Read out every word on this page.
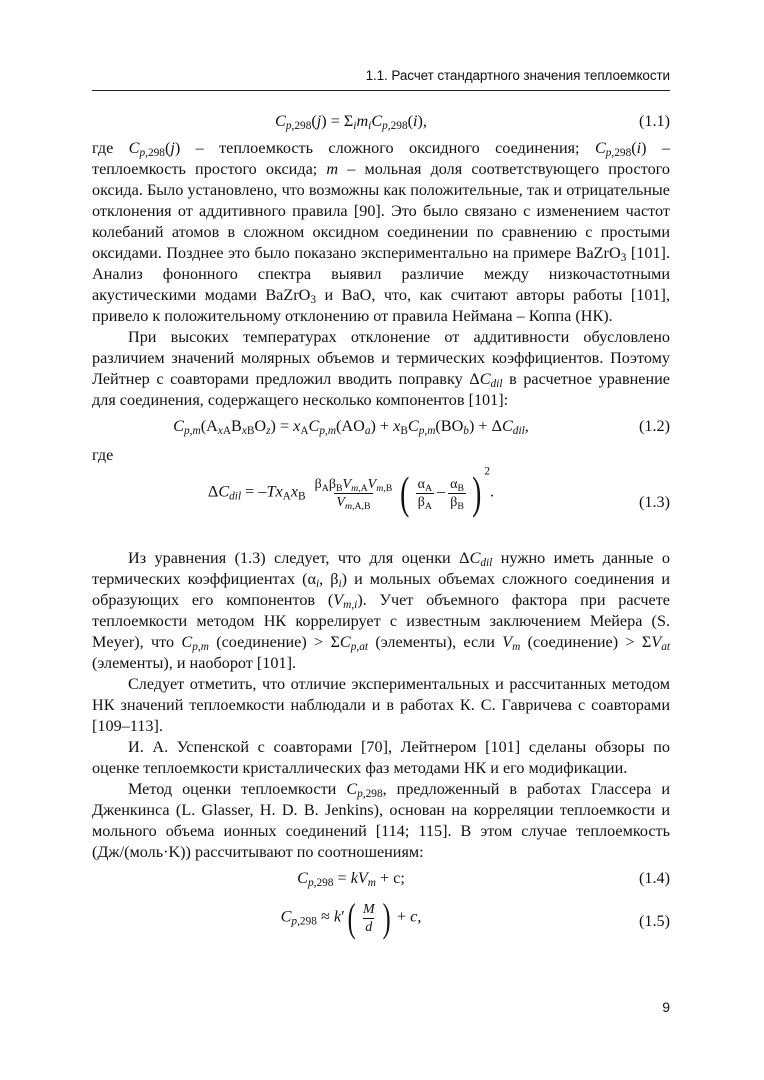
1.1. Расчет стандартного значения теплоемкости
$C_{p,298}(j) = \Sigma_im_iC_{p,298}(i)$,	(1.1)

где $C_{p,298}(j)$ – теплоемкость сложного оксидного соединения; $C_{p,298}(i)$ – теплоемкость простого оксида; m – мольная доля соответствующего простого оксида. Было установлено, что возможны как положительные, так и отрицательные отклонения от аддитивного правила [90]. Это было связано с изменением частот колебаний атомов в сложном оксидном соединении по сравнению с простыми оксидами. Позднее это было показано экспериментально на примере BaZrO$_3$ [101]. Анализ фононного спектра выявил различие между низкочастотными акустическими модами BaZrO$_3$ и BaO, что, как считают авторы работы [101], привело к положительному отклонению от правила Неймана – Коппа (НК).

При высоких температурах отклонение от аддитивности обусловлено различием значений молярных объемов и термических коэффициентов. Поэтому Лейтнер с соавторами предложил вводить поправку $\Delta C_{dil}$ в расчетное уравнение для соединения, содержащего несколько компонентов [101]:

$C_{p,m}(A_{xA}B_{xB}O_z) = x_AC_{p,m}(AO_a) + x_BC_{p,m}(BO_b) + \Delta C_{dil}$,	(1.2)

где

$\Delta C_{dil} = -Tx_Ax_B \frac{\beta_A\beta_BV_{m,A}V_{m,B}}{V_{m,A,B}}$ ( $\frac{\alpha_A}{\beta_A} - \frac{\alpha_B}{\beta_B}$ ) $^2$.
(1.3)

Из уравнения (1.3) следует, что для оценки $\Delta C_{dil}$ нужно иметь данные о термических коэффициентах ($\alpha_i$, $\beta_i$) и мольных объемах сложного соединения и образующих его компонентов $(V_{m,i})$. Учет объемного фактора при расчете теплоемкости методом НК коррелирует с известным заключением Мейера (S. Meyer), что $C_{p,m}$ (соединение) > $\Sigma C_{p,at}$ (элементы), если $V_m$ (соединение) > $\Sigma V_{at}$ (элементы), и наоборот [101].

Следует отметить, что отличие экспериментальных и рассчитанных методом НК значений теплоемкости наблюдали и в работах К. С. Гавричева с соавторами [109–113].

И. А. Успенской с соавторами [70], Лейтнером [101] сделаны обзоры по оценке теплоемкости кристаллических фаз методами НК и его модификации.

Метод оценки теплоемкости $C_{p,298}$, предложенный в работах Глассера и Дженкинса (L. Glasser, H. D. B. Jenkins), основан на корреляции теплоемкости и мольного объема ионных соединений [114; 115]. В этом случае теплоемкость (Дж/(моль·K)) рассчитывают по соотношениям:

$C_{p,298} = kV_m + c$;	(1.4)
$C_{p,298} \approx k'( \frac{M}{d}$ ) + c,	(1.5)
9
